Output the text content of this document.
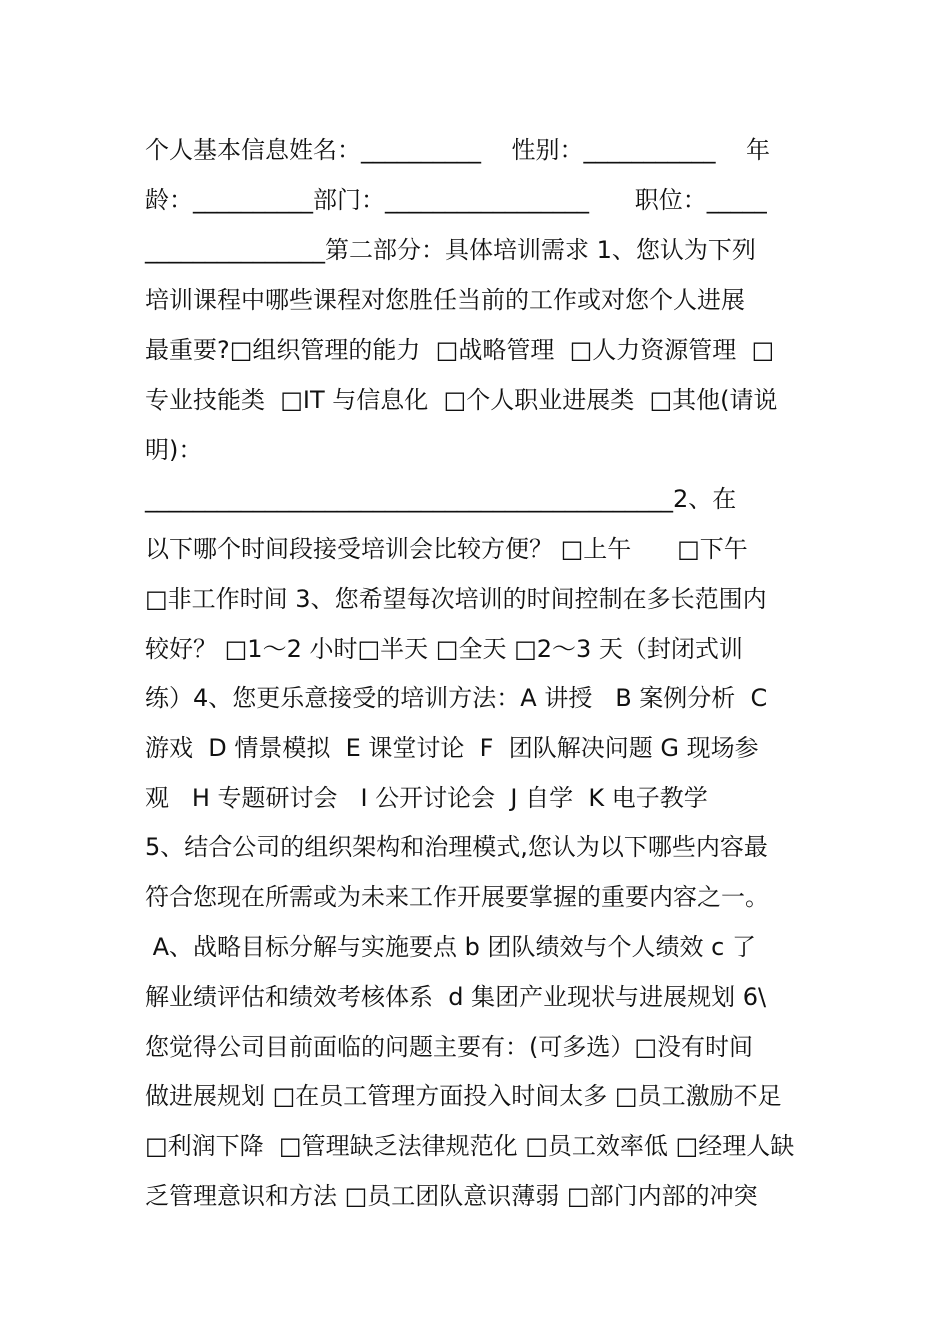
个人基本信息姓名：__________    性别：___________    年
龄：__________部门：_________________      职位：_____
_______________第二部分：具体培训需求 1、您认为下列
培训课程中哪些课程对您胜任当前的工作或对您个人进展
最重要?□组织管理的能力  □战略管理  □人力资源管理  □
专业技能类  □IT 与信息化  □个人职业进展类  □其他(请说
明)：
____________________________________________2、在
以下哪个时间段接受培训会比较方便？ □上午      □下午
□非工作时间 3、您希望每次培训的时间控制在多长范围内
较好？ □1～2 小时□半天 □全天 □2～3 天（封闭式训
练）4、您更乐意接受的培训方法：A 讲授   B 案例分析  C
游戏  D 情景模拟  E 课堂讨论  F  团队解决问题 G 现场参
观   H 专题研讨会   I 公开讨论会  J 自学  K 电子教学
5、结合公司的组织架构和治理模式,您认为以下哪些内容最
符合您现在所需或为未来工作开展要掌握的重要内容之一。
A、战略目标分解与实施要点 b 团队绩效与个人绩效 c 了
解业绩评估和绩效考核体系  d 集团产业现状与进展规划 6\
您觉得公司目前面临的问题主要有：(可多选）□没有时间
做进展规划 □在员工管理方面投入时间太多 □员工激励不足
□利润下降  □管理缺乏法律规范化 □员工效率低 □经理人缺
乏管理意识和方法 □员工团队意识薄弱 □部门内部的冲突
